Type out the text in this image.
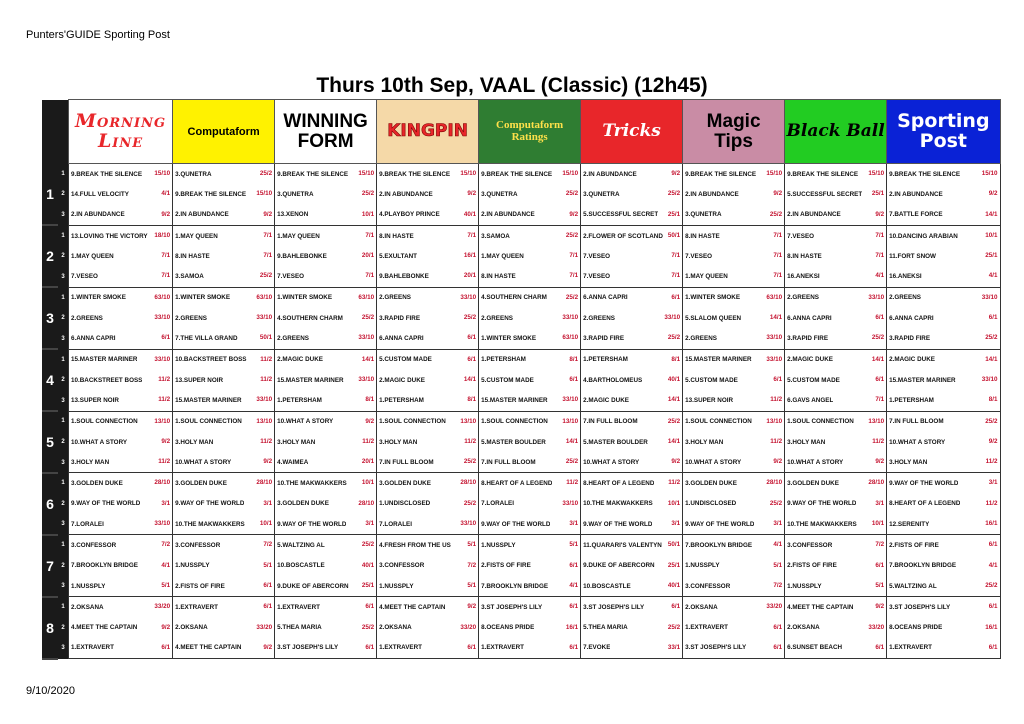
Punters'GUIDE Sporting Post
Thurs 10th Sep, VAAL (Classic) (12h45)

		Morning Line	Computaform	WINNING FORM	KINGPIN	Computaform Ratings	Tricks	Magic Tips	Black Ball	Sporting Post

1	1	9.BREAK THE SILENCE 15/10	3.QUNETRA 25/2	9.BREAK THE SILENCE 15/10	9.BREAK THE SILENCE 15/10	9.BREAK THE SILENCE 15/10	2.IN ABUNDANCE 9/2	9.BREAK THE SILENCE 15/10	9.BREAK THE SILENCE 15/10	9.BREAK THE SILENCE 15/10

	2	14.FULL VELOCITY 4/1	9.BREAK THE SILENCE 15/10	3.QUNETRA 25/2	2.IN ABUNDANCE 9/2	3.QUNETRA 25/2	3.QUNETRA 25/2	2.IN ABUNDANCE 9/2	5.SUCCESSFUL SECRET 25/1	2.IN ABUNDANCE 9/2

	3	2.IN ABUNDANCE 9/2	2.IN ABUNDANCE 9/2	13.XENON 10/1	4.PLAYBOY PRINCE 40/1	2.IN ABUNDANCE 9/2	5.SUCCESSFUL SECRET 25/1	3.QUNETRA 25/2	2.IN ABUNDANCE 9/2	7.BATTLE FORCE 14/1

2	1	13.LOVING THE VICTORY 18/10	1.MAY QUEEN 7/1	1.MAY QUEEN 7/1	8.IN HASTE 7/1	3.SAMOA 25/2	2.FLOWER OF SCOTLAND 50/1	8.IN HASTE 7/1	7.VESEO 7/1	10.DANCING ARABIAN 10/1

	2	1.MAY QUEEN 7/1	8.IN HASTE 7/1	9.BAHLEBONKE 20/1	5.EXULTANT 16/1	1.MAY QUEEN 7/1	7.VESEO 7/1	7.VESEO 7/1	8.IN HASTE 7/1	11.FORT SNOW 25/1

	3	7.VESEO 7/1	3.SAMOA 25/2	7.VESEO 7/1	9.BAHLEBONKE 20/1	8.IN HASTE 7/1	7.VESEO 7/1	1.MAY QUEEN 7/1	16.ANEKSI 4/1	16.ANEKSI 4/1

3	1	1.WINTER SMOKE 63/10	1.WINTER SMOKE 63/10	1.WINTER SMOKE 63/10	2.GREENS 33/10	4.SOUTHERN CHARM 25/2	6.ANNA CAPRI 6/1	1.WINTER SMOKE 63/10	2.GREENS 33/10	2.GREENS 33/10

	2	2.GREENS 33/10	2.GREENS 33/10	4.SOUTHERN CHARM 25/2	3.RAPID FIRE 25/2	2.GREENS 33/10	2.GREENS 33/10	5.SLALOM QUEEN 14/1	6.ANNA CAPRI 6/1	6.ANNA CAPRI 6/1

	3	6.ANNA CAPRI 6/1	7.THE VILLA GRAND 50/1	2.GREENS 33/10	6.ANNA CAPRI 6/1	1.WINTER SMOKE 63/10	3.RAPID FIRE 25/2	2.GREENS 33/10	3.RAPID FIRE 25/2	3.RAPID FIRE 25/2

4	1	15.MASTER MARINER 33/10	10.BACKSTREET BOSS 11/2	2.MAGIC DUKE 14/1	5.CUSTOM MADE 6/1	1.PETERSHAM 8/1	1.PETERSHAM 8/1	15.MASTER MARINER 33/10	2.MAGIC DUKE 14/1	2.MAGIC DUKE 14/1

	2	10.BACKSTREET BOSS 11/2	13.SUPER NOIR 11/2	15.MASTER MARINER 33/10	2.MAGIC DUKE 14/1	5.CUSTOM MADE 6/1	4.BARTHOLOMEUS 40/1	5.CUSTOM MADE 6/1	5.CUSTOM MADE 6/1	15.MASTER MARINER 33/10

	3	13.SUPER NOIR 11/2	15.MASTER MARINER 33/10	1.PETERSHAM 8/1	1.PETERSHAM 8/1	15.MASTER MARINER 33/10	2.MAGIC DUKE 14/1	13.SUPER NOIR 11/2	6.GAVS ANGEL 7/1	1.PETERSHAM 8/1

5	1	1.SOUL CONNECTION 13/10	1.SOUL CONNECTION 13/10	10.WHAT A STORY 9/2	1.SOUL CONNECTION 13/10	1.SOUL CONNECTION 13/10	7.IN FULL BLOOM 25/2	1.SOUL CONNECTION 13/10	1.SOUL CONNECTION 13/10	7.IN FULL BLOOM 25/2

	2	10.WHAT A STORY 9/2	3.HOLY MAN 11/2	3.HOLY MAN 11/2	3.HOLY MAN 11/2	5.MASTER BOULDER 14/1	5.MASTER BOULDER 14/1	3.HOLY MAN 11/2	3.HOLY MAN 11/2	10.WHAT A STORY 9/2

	3	3.HOLY MAN 11/2	10.WHAT A STORY 9/2	4.WAIMEA 20/1	7.IN FULL BLOOM 25/2	7.IN FULL BLOOM 25/2	10.WHAT A STORY 9/2	10.WHAT A STORY 9/2	10.WHAT A STORY 9/2	3.HOLY MAN 11/2

6	1	3.GOLDEN DUKE 28/10	3.GOLDEN DUKE 28/10	10.THE MAKWAKKERS 10/1	3.GOLDEN DUKE 28/10	8.HEART OF A LEGEND 11/2	8.HEART OF A LEGEND 11/2	3.GOLDEN DUKE 28/10	3.GOLDEN DUKE 28/10	9.WAY OF THE WORLD 3/1

	2	9.WAY OF THE WORLD 3/1	9.WAY OF THE WORLD 3/1	3.GOLDEN DUKE 28/10	1.UNDISCLOSED 25/2	7.LORALEI 33/10	10.THE MAKWAKKERS 10/1	1.UNDISCLOSED 25/2	9.WAY OF THE WORLD 3/1	8.HEART OF A LEGEND 11/2

	3	7.LORALEI 33/10	10.THE MAKWAKKERS 10/1	9.WAY OF THE WORLD 3/1	7.LORALEI 33/10	9.WAY OF THE WORLD 3/1	9.WAY OF THE WORLD 3/1	9.WAY OF THE WORLD 3/1	10.THE MAKWAKKERS 10/1	12.SERENITY 16/1

7	1	3.CONFESSOR 7/2	3.CONFESSOR 7/2	5.WALTZING AL 25/2	4.FRESH FROM THE US 5/1	1.NUSSPLY 5/1	11.QUARARI'S VALENTYN 50/1	7.BROOKLYN BRIDGE 4/1	3.CONFESSOR 7/2	2.FISTS OF FIRE 6/1

	2	7.BROOKLYN BRIDGE 4/1	1.NUSSPLY 5/1	10.BOSCASTLE 40/1	3.CONFESSOR 7/2	2.FISTS OF FIRE 6/1	9.DUKE OF ABERCORN 25/1	1.NUSSPLY 5/1	2.FISTS OF FIRE 6/1	7.BROOKLYN BRIDGE 4/1

	3	1.NUSSPLY 5/1	2.FISTS OF FIRE 6/1	9.DUKE OF ABERCORN 25/1	1.NUSSPLY 5/1	7.BROOKLYN BRIDGE 4/1	10.BOSCASTLE 40/1	3.CONFESSOR 7/2	1.NUSSPLY 5/1	5.WALTZING AL 25/2

8	1	2.OKSANA 33/20	1.EXTRAVERT 6/1	1.EXTRAVERT 6/1	4.MEET THE CAPTAIN 9/2	3.ST JOSEPH'S LILY 6/1	3.ST JOSEPH'S LILY 6/1	2.OKSANA 33/20	4.MEET THE CAPTAIN 9/2	3.ST JOSEPH'S LILY 6/1

	2	4.MEET THE CAPTAIN 9/2	2.OKSANA 33/20	5.THEA MARIA 25/2	2.OKSANA 33/20	8.OCEANS PRIDE 16/1	5.THEA MARIA 25/2	1.EXTRAVERT 6/1	2.OKSANA 33/20	8.OCEANS PRIDE 16/1

	3	1.EXTRAVERT 6/1	4.MEET THE CAPTAIN 9/2	3.ST JOSEPH'S LILY 6/1	1.EXTRAVERT 6/1	1.EXTRAVERT 6/1	7.EVOKE 33/1	3.ST JOSEPH'S LILY 6/1	6.SUNSET BEACH 6/1	1.EXTRAVERT 6/1
9/10/2020
